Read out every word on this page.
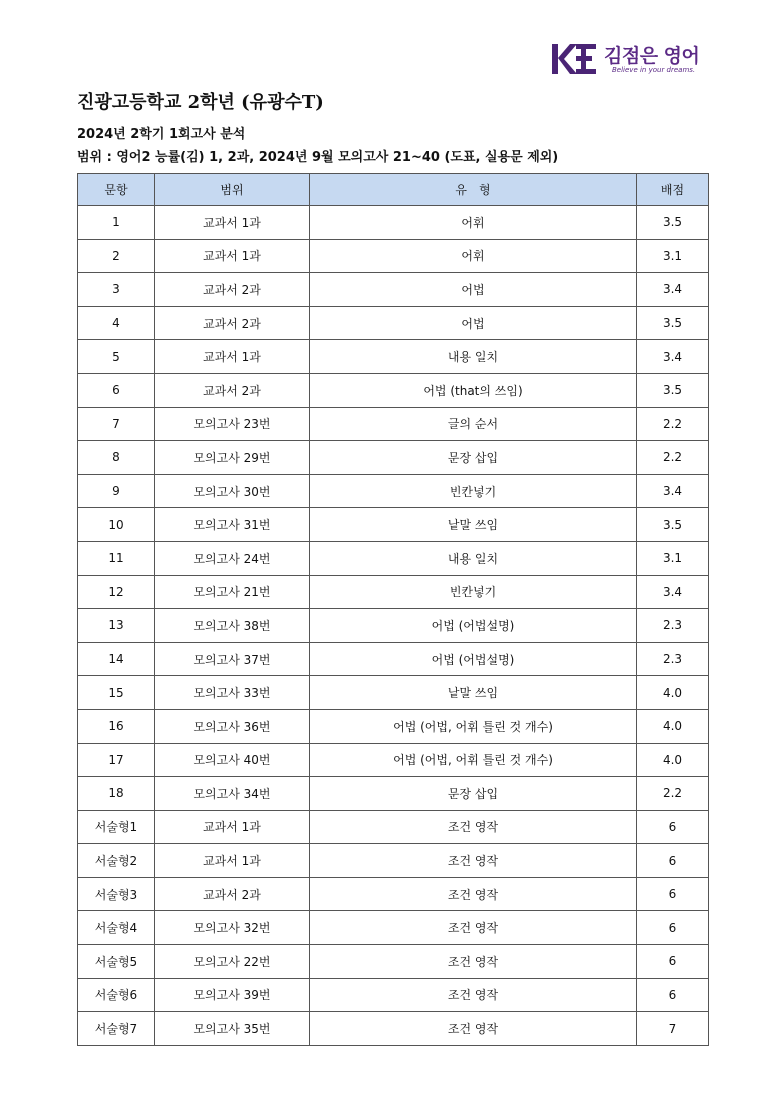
김점은 영어
Believe in your dreams.
진광고등학교 2학년 (유광수T)
2024년 2학기 1회고사 분석
범위 : 영어2 능률(김) 1, 2과, 2024년 9월 모의고사 21~40 (도표, 실용문 제외)
문항	범위	유　형	배점
1	교과서 1과	어휘	3.5
2	교과서 1과	어휘	3.1
3	교과서 2과	어법	3.4
4	교과서 2과	어법	3.5
5	교과서 1과	내용 일치	3.4
6	교과서 2과	어법 (that의 쓰임)	3.5
7	모의고사 23번	글의 순서	2.2
8	모의고사 29번	문장 삽입	2.2
9	모의고사 30번	빈칸넣기	3.4
10	모의고사 31번	낱말 쓰임	3.5
11	모의고사 24번	내용 일치	3.1
12	모의고사 21번	빈칸넣기	3.4
13	모의고사 38번	어법 (어법설명)	2.3
14	모의고사 37번	어법 (어법설명)	2.3
15	모의고사 33번	낱말 쓰임	4.0
16	모의고사 36번	어법 (어법, 어휘 틀린 것 개수)	4.0
17	모의고사 40번	어법 (어법, 어휘 틀린 것 개수)	4.0
18	모의고사 34번	문장 삽입	2.2
서술형1	교과서 1과	조건 영작	6
서술형2	교과서 1과	조건 영작	6
서술형3	교과서 2과	조건 영작	6
서술형4	모의고사 32번	조건 영작	6
서술형5	모의고사 22번	조건 영작	6
서술형6	모의고사 39번	조건 영작	6
서술형7	모의고사 35번	조건 영작	7
